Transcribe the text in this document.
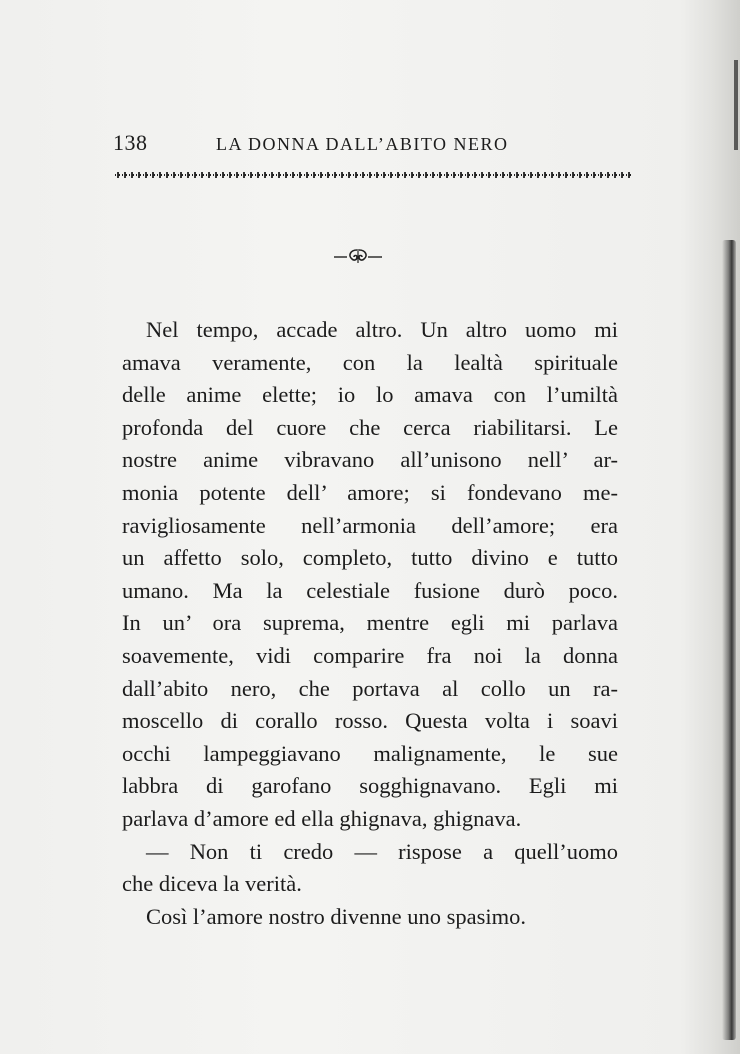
138	LA DONNA DALL’ABITO NERO

Nel tempo, accade altro. Un altro uomo mi
amava veramente, con la lealtà spirituale
delle anime elette; io lo amava con l’umiltà
profonda del cuore che cerca riabilitarsi. Le
nostre anime vibravano all’unisono nell’ ar-
monia potente dell’ amore; si fondevano me-
ravigliosamente nell’armonia dell’amore; era
un affetto solo, completo, tutto divino e tutto
umano. Ma la celestiale fusione durò poco.
In un’ ora suprema, mentre egli mi parlava
soavemente, vidi comparire fra noi la donna
dall’abito nero, che portava al collo un ra-
moscello di corallo rosso. Questa volta i soavi
occhi lampeggiavano malignamente, le sue
labbra di garofano sogghignavano. Egli mi
parlava d’amore ed ella ghignava, ghignava.

— Non ti credo — rispose a quell’uomo
che diceva la verità.

Così l’amore nostro divenne uno spasimo.
